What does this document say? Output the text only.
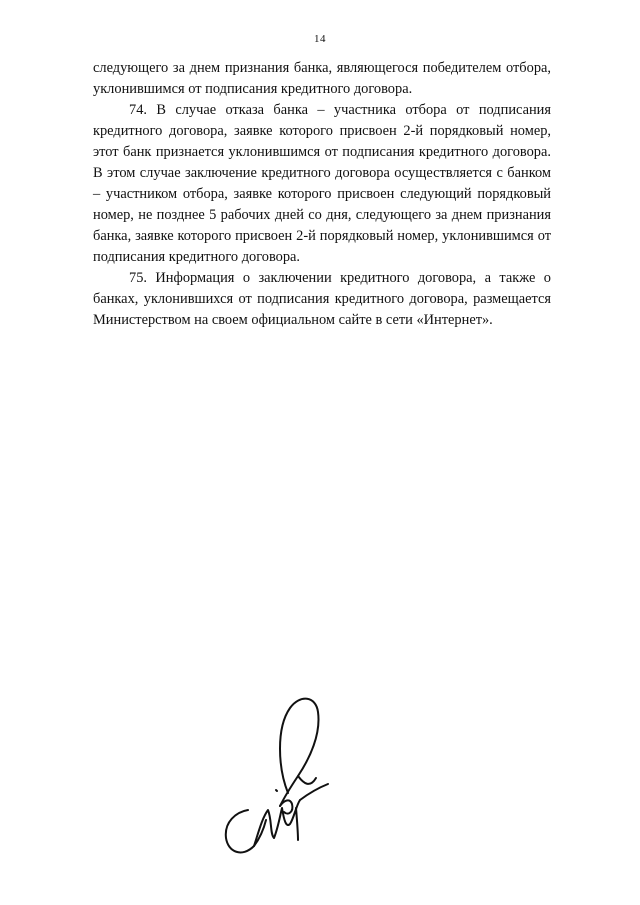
14

следующего за днем признания банка, являющегося победителем отбора, уклонившимся от подписания кредитного договора.

74. В случае отказа банка – участника отбора от подписания кредитного договора, заявке которого присвоен 2-й порядковый номер, этот банк признается уклонившимся от подписания кредитного договора. В этом случае заключение кредитного договора осуществляется с банком – участником отбора, заявке которого присвоен следующий порядковый номер, не позднее 5 рабочих дней со дня, следующего за днем признания банка, заявке которого присвоен 2-й порядковый номер, уклонившимся от подписания кредитного договора.

75. Информация о заключении кредитного договора, а также о банках, уклонившихся от подписания кредитного договора, размещается Министерством на своем официальном сайте в сети «Интернет».
